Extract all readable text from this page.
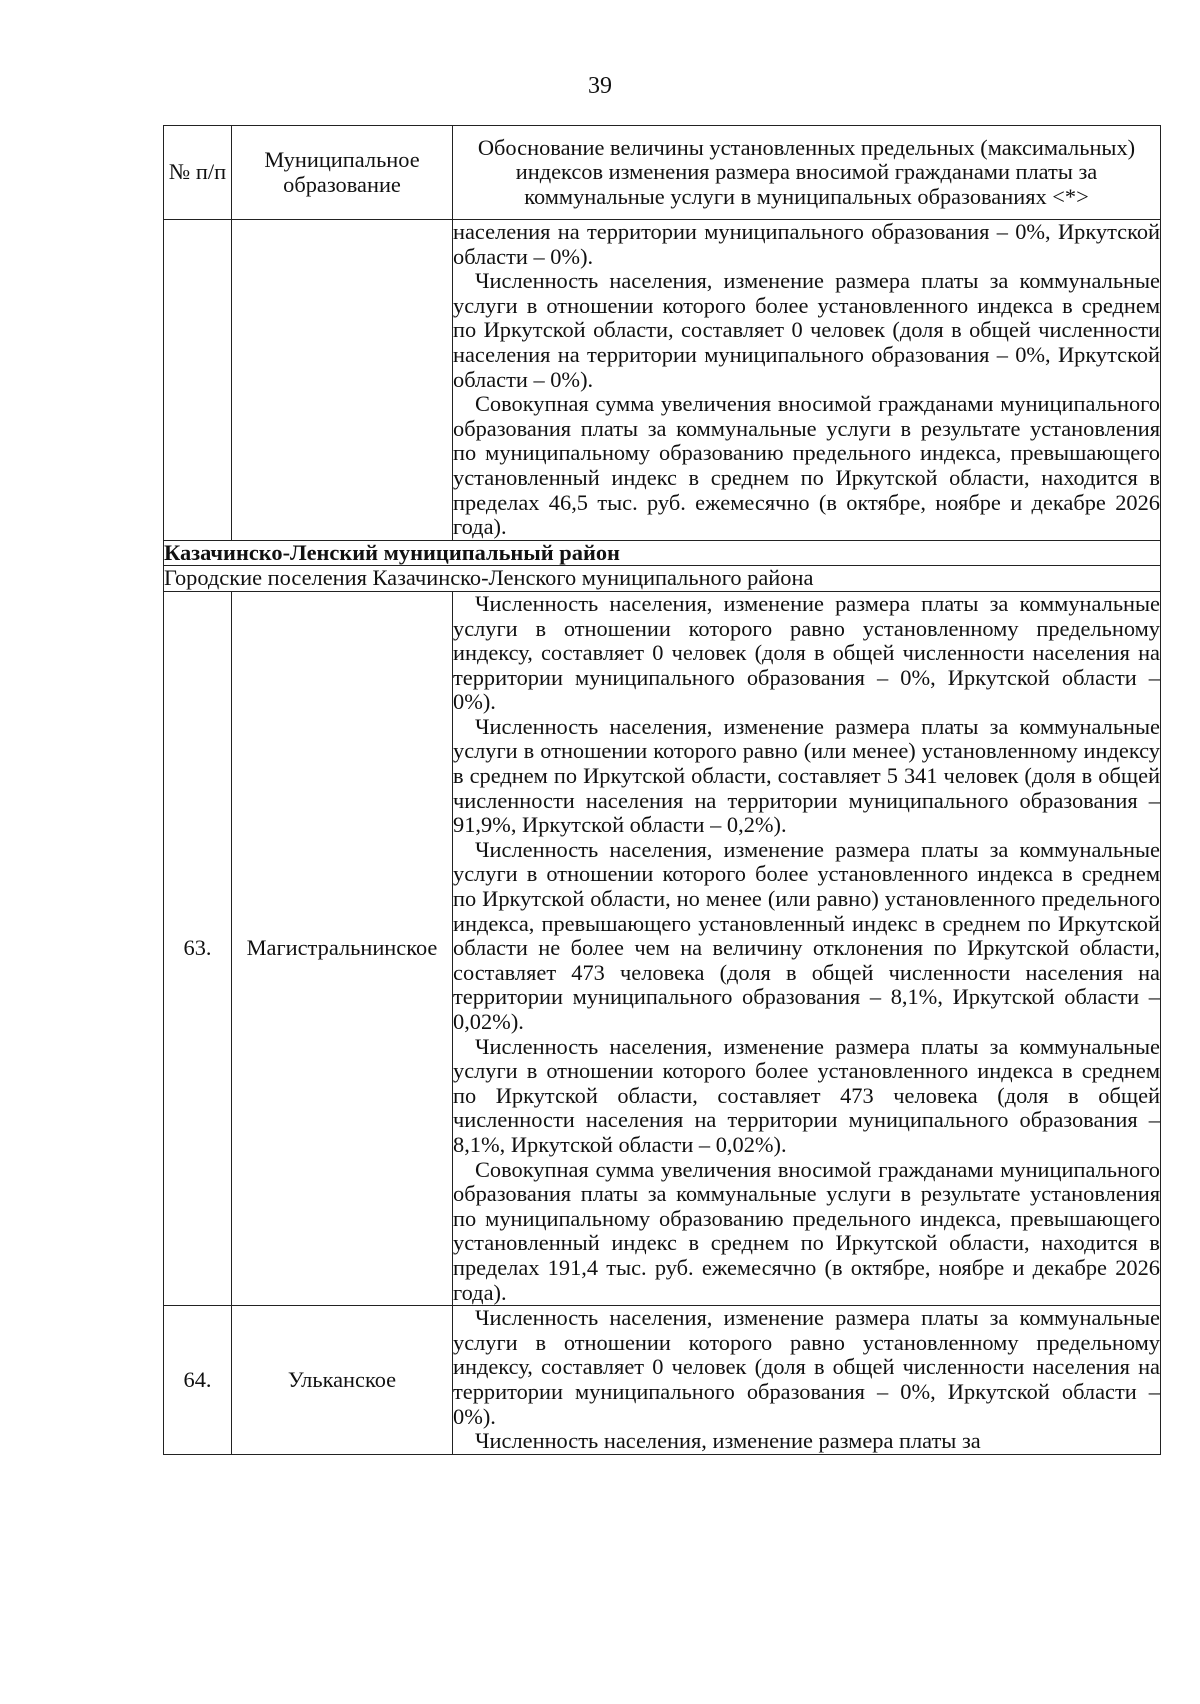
39
№ п/п	Муниципальное образование	Обоснование величины установленных предельных (максимальных) индексов изменения размера вносимой гражданами платы за коммунальные услуги в муниципальных образованиях <*>

		населения на территории муниципального образования – 0%, Иркутской области – 0%).

Численность населения, изменение размера платы за коммунальные услуги в отношении которого более установленного индекса в среднем по Иркутской области, составляет 0 человек (доля в общей численности населения на территории муниципального образования – 0%, Иркутской области – 0%).

Совокупная сумма увеличения вносимой гражданами муниципального образования платы за коммунальные услуги в результате установления по муниципальному образованию предельного индекса, превышающего установленный индекс в среднем по Иркутской области, находится в пределах 46,5 тыс. руб. ежемесячно (в октябре, ноябре и декабре 2026 года).

Казачинско-Ленский муниципальный район		
Городские поселения Казачинско-Ленского муниципального района		
63.	Магистральнинское	Численность населения, изменение размера платы за коммунальные услуги в отношении которого равно установленному предельному индексу, составляет 0 человек (доля в общей численности населения на территории муниципального образования – 0%, Иркутской области – 0%).

Численность населения, изменение размера платы за коммунальные услуги в отношении которого равно (или менее) установленному индексу в среднем по Иркутской области, составляет 5 341 человек (доля в общей численности населения на территории муниципального образования – 91,9%, Иркутской области – 0,2%).

Численность населения, изменение размера платы за коммунальные услуги в отношении которого более установленного индекса в среднем по Иркутской области, но менее (или равно) установленного предельного индекса, превышающего установленный индекс в среднем по Иркутской области не более чем на величину отклонения по Иркутской области, составляет 473 человека (доля в общей численности населения на территории муниципального образования – 8,1%, Иркутской области – 0,02%).

Численность населения, изменение размера платы за коммунальные услуги в отношении которого более установленного индекса в среднем по Иркутской области, составляет 473 человека (доля в общей численности населения на территории муниципального образования – 8,1%, Иркутской области – 0,02%).

Совокупная сумма увеличения вносимой гражданами муниципального образования платы за коммунальные услуги в результате установления по муниципальному образованию предельного индекса, превышающего установленный индекс в среднем по Иркутской области, находится в пределах 191,4 тыс. руб. ежемесячно (в октябре, ноябре и декабре 2026 года).

64.	Ульканское	Численность населения, изменение размера платы за коммунальные услуги в отношении которого равно установленному предельному индексу, составляет 0 человек (доля в общей численности населения на территории муниципального образования – 0%, Иркутской области – 0%).

Численность населения, изменение размера платы за
